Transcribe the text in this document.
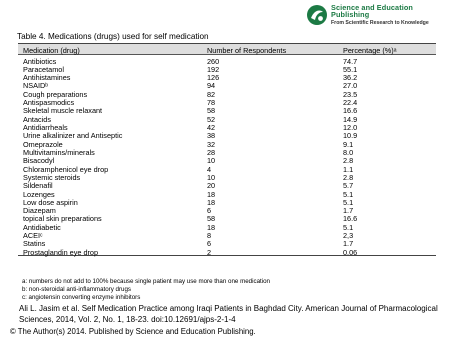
Science and Education Publishing
From Scientific Research to Knowledge
Table 4. Medications (drugs) used for self medication
Medication (drug)	Number of Respondents	Percentage (%)ᵃ
Antibiotics	260	74.7
Paracetamol	192	55.1
Antihistamines	126	36.2
NSAIDᵇ	94	27.0
Cough preparations	82	23.5
Antispasmodics	78	22.4
Skeletal muscle relaxant	58	16.6
Antacids	52	14.9
Antidiarrheals	42	12.0
Urine alkalinizer and Antiseptic	38	10.9
Omeprazole	32	9.1
Multivitamins/minerals	28	8.0
Bisacodyl	10	2.8
Chloramphenicol eye drop	4	1.1
Systemic steroids	10	2.8
Sildenafil	20	5.7
Lozenges	18	5.1
Low dose aspirin	18	5.1
Diazepam	6	1.7
topical skin preparations	58	16.6
Antidiabetic	18	5.1
ACEIᶜ	8	2,3
Statins	6	1.7
Prostaglandin eye drop	2	0.06
a: numbers do not add to 100% because single patient may use more than one medication
b: non-steroidal anti-inflammatory drugs
c: angiotensin converting enzyme inhibitors
Ali L. Jasim et al. Self Medication Practice among Iraqi Patients in Baghdad City. American Journal of Pharmacological Sciences, 2014, Vol. 2, No. 1, 18-23. doi:10.12691/ajps-2-1-4
© The Author(s) 2014. Published by Science and Education Publishing.
